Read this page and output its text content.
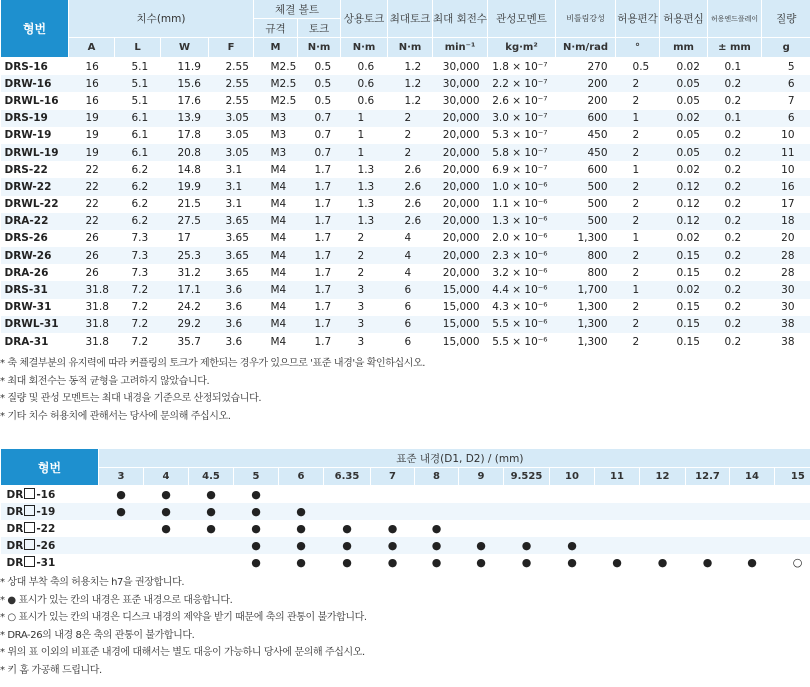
형번	치수(mm)				체결 볼트		상용토크	최대토크	최대 회전수	관성모멘트	비틀림강성	허용편각	허용편심	허용엔드플레이	질량
					규격	토크									
	A	L	W	F	M	N·m	N·m	N·m	min⁻¹	kg·m²	N·m/rad	°	mm	± mm	g
DRS-16	16	5.1	11.9	2.55	M2.5	0.5	0.6	1.2	30,000	1.8 × 10⁻⁷	270	0.5	0.02	0.1	5
DRW-16	16	5.1	15.6	2.55	M2.5	0.5	0.6	1.2	30,000	2.2 × 10⁻⁷	200	2	0.05	0.2	6
DRWL-16	16	5.1	17.6	2.55	M2.5	0.5	0.6	1.2	30,000	2.6 × 10⁻⁷	200	2	0.05	0.2	7
DRS-19	19	6.1	13.9	3.05	M3	0.7	1	2	20,000	3.0 × 10⁻⁷	600	1	0.02	0.1	6
DRW-19	19	6.1	17.8	3.05	M3	0.7	1	2	20,000	5.3 × 10⁻⁷	450	2	0.05	0.2	10
DRWL-19	19	6.1	20.8	3.05	M3	0.7	1	2	20,000	5.8 × 10⁻⁷	450	2	0.05	0.2	11
DRS-22	22	6.2	14.8	3.1	M4	1.7	1.3	2.6	20,000	6.9 × 10⁻⁷	600	1	0.02	0.2	10
DRW-22	22	6.2	19.9	3.1	M4	1.7	1.3	2.6	20,000	1.0 × 10⁻⁶	500	2	0.12	0.2	16
DRWL-22	22	6.2	21.5	3.1	M4	1.7	1.3	2.6	20,000	1.1 × 10⁻⁶	500	2	0.12	0.2	17
DRA-22	22	6.2	27.5	3.65	M4	1.7	1.3	2.6	20,000	1.3 × 10⁻⁶	500	2	0.12	0.2	18
DRS-26	26	7.3	17	3.65	M4	1.7	2	4	20,000	2.0 × 10⁻⁶	1,300	1	0.02	0.2	20
DRW-26	26	7.3	25.3	3.65	M4	1.7	2	4	20,000	2.3 × 10⁻⁶	800	2	0.15	0.2	28
DRA-26	26	7.3	31.2	3.65	M4	1.7	2	4	20,000	3.2 × 10⁻⁶	800	2	0.15	0.2	28
DRS-31	31.8	7.2	17.1	3.6	M4	1.7	3	6	15,000	4.4 × 10⁻⁶	1,700	1	0.02	0.2	30
DRW-31	31.8	7.2	24.2	3.6	M4	1.7	3	6	15,000	4.3 × 10⁻⁶	1,300	2	0.15	0.2	30
DRWL-31	31.8	7.2	29.2	3.6	M4	1.7	3	6	15,000	5.5 × 10⁻⁶	1,300	2	0.15	0.2	38
DRA-31	31.8	7.2	35.7	3.6	M4	1.7	3	6	15,000	5.5 × 10⁻⁶	1,300	2	0.15	0.2	38
* 축 체결부분의 유지력에 따라 커플링의 토크가 제한되는 경우가 있으므로 '표준 내경'을 확인하십시오.
* 최대 회전수는 동적 균형을 고려하지 않았습니다.
* 질량 및 관성 모멘트는 최대 내경을 기준으로 산정되었습니다.
* 기타 치수 허용치에 관해서는 당사에 문의해 주십시오.
형번	표준 내경(D1, D2) / (mm)															
	3	4	4.5	5	6	6.35	7	8	9	9.525	10	11	12	12.7	14	15
DR -16	●	●	●	●												
DR -19	●	●	●	●	●											
DR -22		●	●	●	●	●	●	●								
DR -26				●	●	●	●	●	●	●	●					
DR -31				●	●	●	●	●	●	●	●	●	●	●	●	○
* 상대 부착 축의 허용치는 h7을 권장합니다.
* ● 표시가 있는 칸의 내경은 표준 내경으로 대응합니다.
* ○ 표시가 있는 칸의 내경은 디스크 내경의 제약을 받기 때문에 축의 관통이 불가합니다.
* DRA-26의 내경 8은 축의 관통이 불가합니다.
* 위의 표 이외의 비표준 내경에 대해서는 별도 대응이 가능하니 당사에 문의해 주십시오.
* 키 홈 가공해 드립니다.
